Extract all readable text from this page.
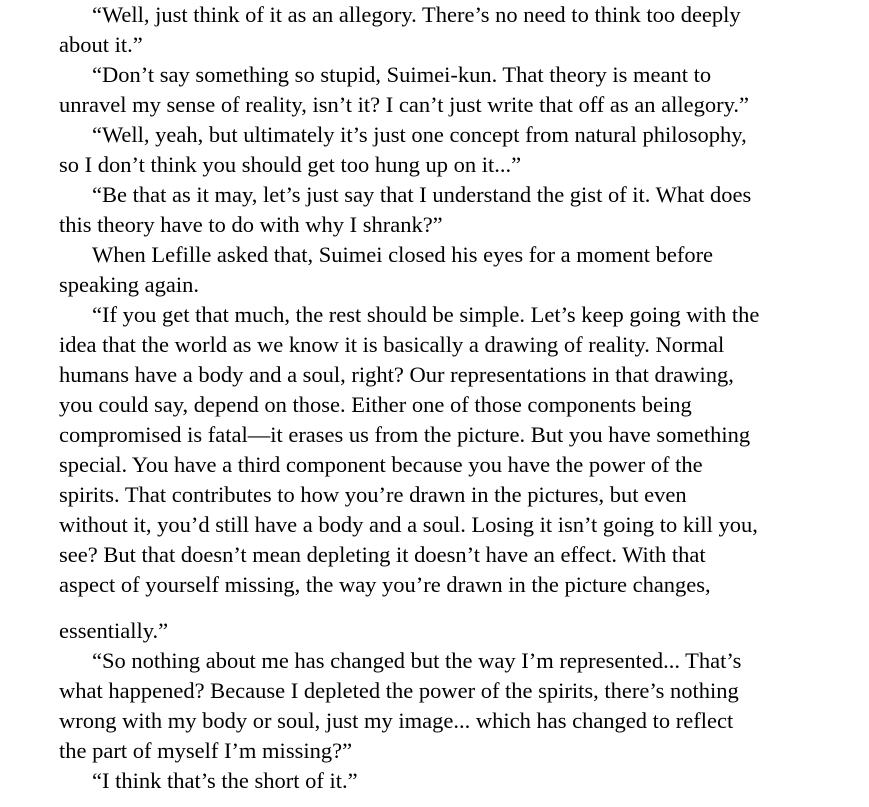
“Well, just think of it as an allegory. There’s no need to think too deeply
about it.”
“Don’t say something so stupid, Suimei-kun. That theory is meant to
unravel my sense of reality, isn’t it? I can’t just write that off as an allegory.”
“Well, yeah, but ultimately it’s just one concept from natural philosophy,
so I don’t think you should get too hung up on it...”
“Be that as it may, let’s just say that I understand the gist of it. What does
this theory have to do with why I shrank?”
When Lefille asked that, Suimei closed his eyes for a moment before
speaking again.
“If you get that much, the rest should be simple. Let’s keep going with the
idea that the world as we know it is basically a drawing of reality. Normal
humans have a body and a soul, right? Our representations in that drawing,
you could say, depend on those. Either one of those components being
compromised is fatal—it erases us from the picture. But you have something
special. You have a third component because you have the power of the
spirits. That contributes to how you’re drawn in the pictures, but even
without it, you’d still have a body and a soul. Losing it isn’t going to kill you,
see? But that doesn’t mean depleting it doesn’t have an effect. With that
aspect of yourself missing, the way you’re drawn in the picture changes,
essentially.”
“So nothing about me has changed but the way I’m represented... That’s
what happened? Because I depleted the power of the spirits, there’s nothing
wrong with my body or soul, just my image... which has changed to reflect
the part of myself I’m missing?”
“I think that’s the short of it.”
